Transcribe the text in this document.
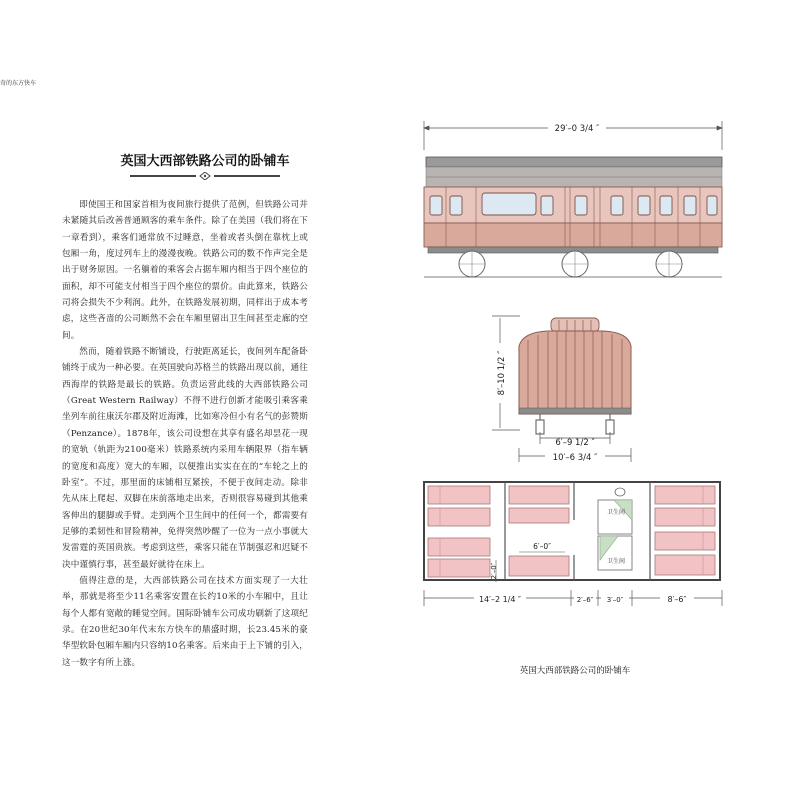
奇的东方快车
英国大西部铁路公司的卧铺车

即使国王和国家首相为夜间旅行提供了范例，但铁路公司并未紧随其后改善普通顾客的乘车条件。除了在美国（我们将在下一章看到），乘客们通常放不过睡意，坐着或者头倒在靠枕上或包厢一角，度过列车上的漫漫夜晚。铁路公司的数不作声完全是出于财务原因。一名躺着的乘客会占据车厢内相当于四个座位的面积，却不可能支付相当于四个座位的票价。由此算来，铁路公司将会损失不少利润。此外，在铁路发展初期，同样出于成本考虑，这些吝啬的公司断然不会在车厢里留出卫生间甚至走廊的空间。

然而，随着铁路不断铺设，行驶距离延长，夜间列车配备卧铺终于成为一种必要。在英国驶向苏格兰的铁路出现以前，通往西海岸的铁路是最长的铁路。负责运营此线的大西部铁路公司（Great Western Railway）不得不进行创新才能吸引乘客乘坐列车前往康沃尔郡及附近海滩，比如寒冷但小有名气的彭赞斯（Penzance）。1878年，该公司设想在其享有盛名却昙花一现的宽轨（轨距为2100毫米）铁路系统内采用车辆限界（指车辆的宽度和高度）宽大的车厢，以便推出实实在在的“车轮之上的卧室”。不过，那里面的床铺相互紧挨，不便于夜间走动。除非先从床上爬起、双脚在床前落地走出来，否则很容易碰到其他乘客伸出的腿脚或手臂。走到两个卫生间中的任何一个，都需要有足够的柔韧性和冒险精神，免得突然吵醒了一位为一点小事就大发雷霆的英国贵族。考虑到这些，乘客只能在节制强忍和迟疑不决中谨慎行事，甚至最好就待在床上。

值得注意的是，大西部铁路公司在技术方面实现了一大壮举，那就是将至少11名乘客安置在长约10米的小车厢中，且让每个人都有宽敞的睡觉空间。国际卧铺车公司成功刷新了这项纪录。在20世纪30年代末东方快车的鼎盛时期，长23.45米的豪华型软卧包厢车厢内只容纳10名乘客。后来由于上下铺的引入，这一数字有所上涨。

29′–0 3/4 ″
8′–10 1/2 ″
6′–9 1/2 ″
10′–6 3/4 ″
卫生间
卫生间
6′–0″
2′–0″
14′–2 1/4 ″	2′–6″ 3′–0″	8′–6″
英国大西部铁路公司的卧铺车
